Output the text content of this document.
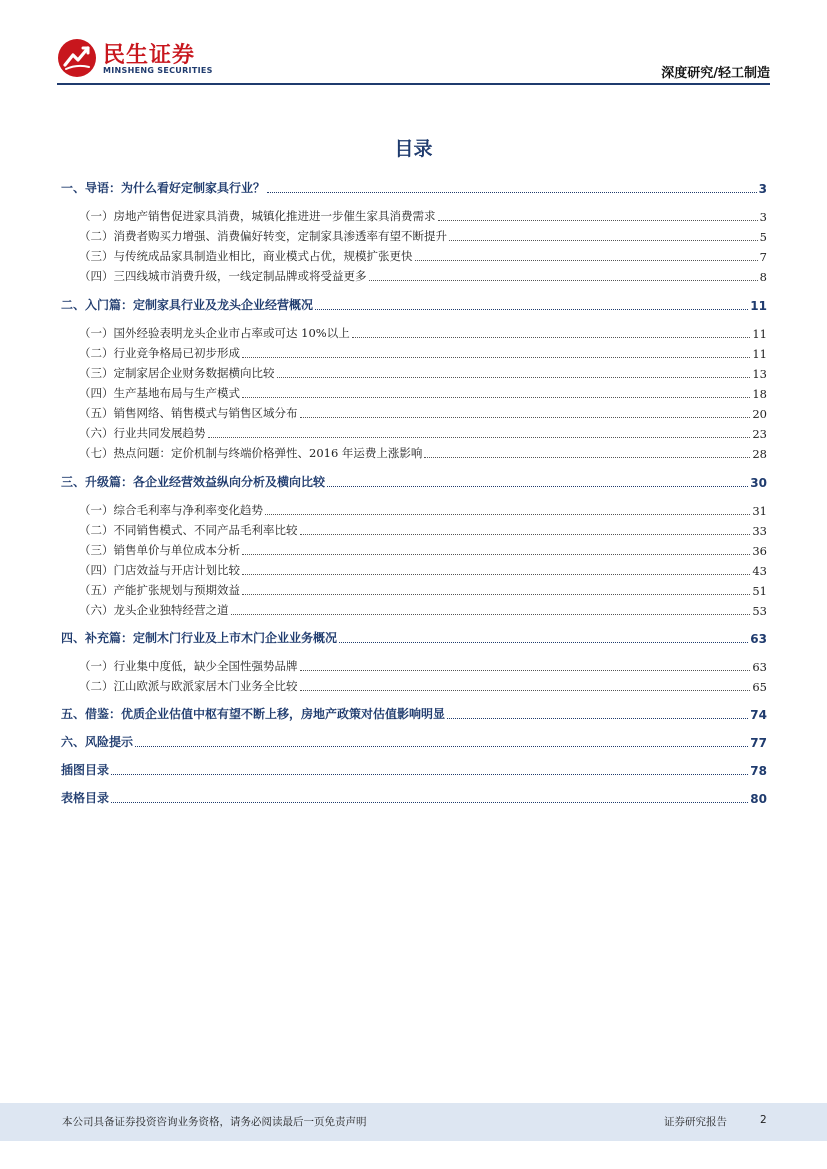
民生证券
MINSHENG SECURITIES	深度研究/轻工制造
目录
一、导语：为什么看好定制家具行业？	3
（一）房地产销售促进家具消费，城镇化推进进一步催生家具消费需求	3
（二）消费者购买力增强、消费偏好转变，定制家具渗透率有望不断提升	5
（三）与传统成品家具制造业相比，商业模式占优，规模扩张更快	7
（四）三四线城市消费升级，一线定制品牌或将受益更多	8
二、入门篇：定制家具行业及龙头企业经营概况	11
（一）国外经验表明龙头企业市占率或可达 10%以上	11
（二）行业竞争格局已初步形成	11
（三）定制家居企业财务数据横向比较	13
（四）生产基地布局与生产模式	18
（五）销售网络、销售模式与销售区域分布	20
（六）行业共同发展趋势	23
（七）热点问题：定价机制与终端价格弹性、2016 年运费上涨影响	28
三、升级篇：各企业经营效益纵向分析及横向比较	30
（一）综合毛利率与净利率变化趋势	31
（二）不同销售模式、不同产品毛利率比较	33
（三）销售单价与单位成本分析	36
（四）门店效益与开店计划比较	43
（五）产能扩张规划与预期效益	51
（六）龙头企业独特经营之道	53
四、补充篇：定制木门行业及上市木门企业业务概况	63
（一）行业集中度低，缺少全国性强势品牌	63
（二）江山欧派与欧派家居木门业务全比较	65
五、借鉴：优质企业估值中枢有望不断上移，房地产政策对估值影响明显	74
六、风险提示	77
插图目录	78
表格目录	80
本公司具备证券投资咨询业务资格，请务必阅读最后一页免责声明	证券研究报告	2
